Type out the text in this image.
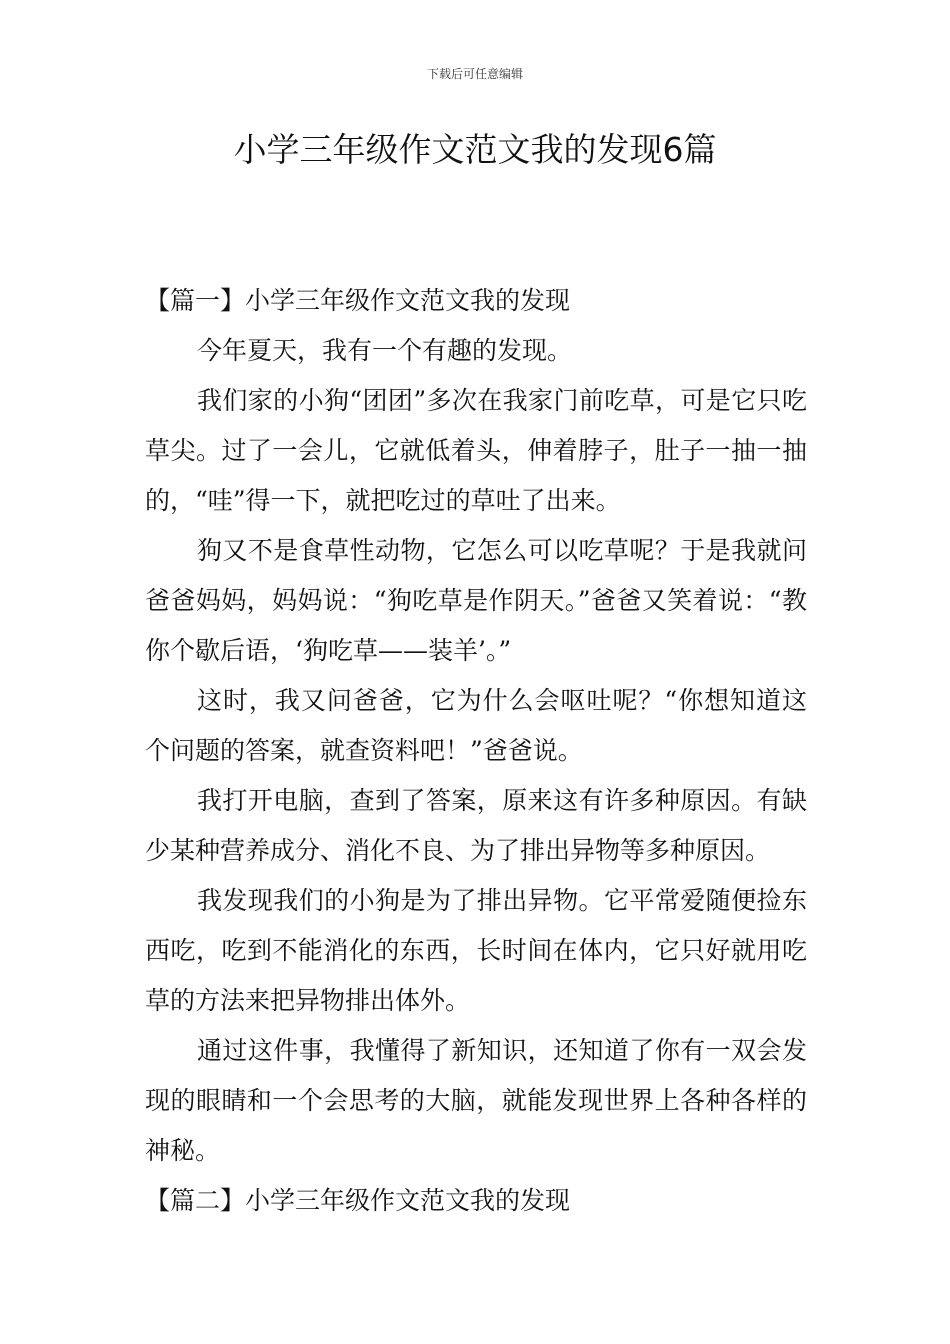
下载后可任意编辑
小学三年级作文范文我的发现6篇
【篇一】小学三年级作文范文我的发现

今年夏天，我有一个有趣的发现。

我们家的小狗“团团”多次在我家门前吃草，可是它只吃草尖。过了一会儿，它就低着头，伸着脖子，肚子一抽一抽的，“哇”得一下，就把吃过的草吐了出来。

狗又不是食草性动物，它怎么可以吃草呢？于是我就问爸爸妈妈，妈妈说：“狗吃草是作阴天。”爸爸又笑着说：“教你个歇后语，‘狗吃草——装羊’。”

这时，我又问爸爸，它为什么会呕吐呢？“你想知道这个问题的答案，就查资料吧！”爸爸说。

我打开电脑，查到了答案，原来这有许多种原因。有缺少某种营养成分、消化不良、为了排出异物等多种原因。

我发现我们的小狗是为了排出异物。它平常爱随便捡东西吃，吃到不能消化的东西，长时间在体内，它只好就用吃草的方法来把异物排出体外。

通过这件事，我懂得了新知识，还知道了你有一双会发现的眼睛和一个会思考的大脑，就能发现世界上各种各样的神秘。

【篇二】小学三年级作文范文我的发现
